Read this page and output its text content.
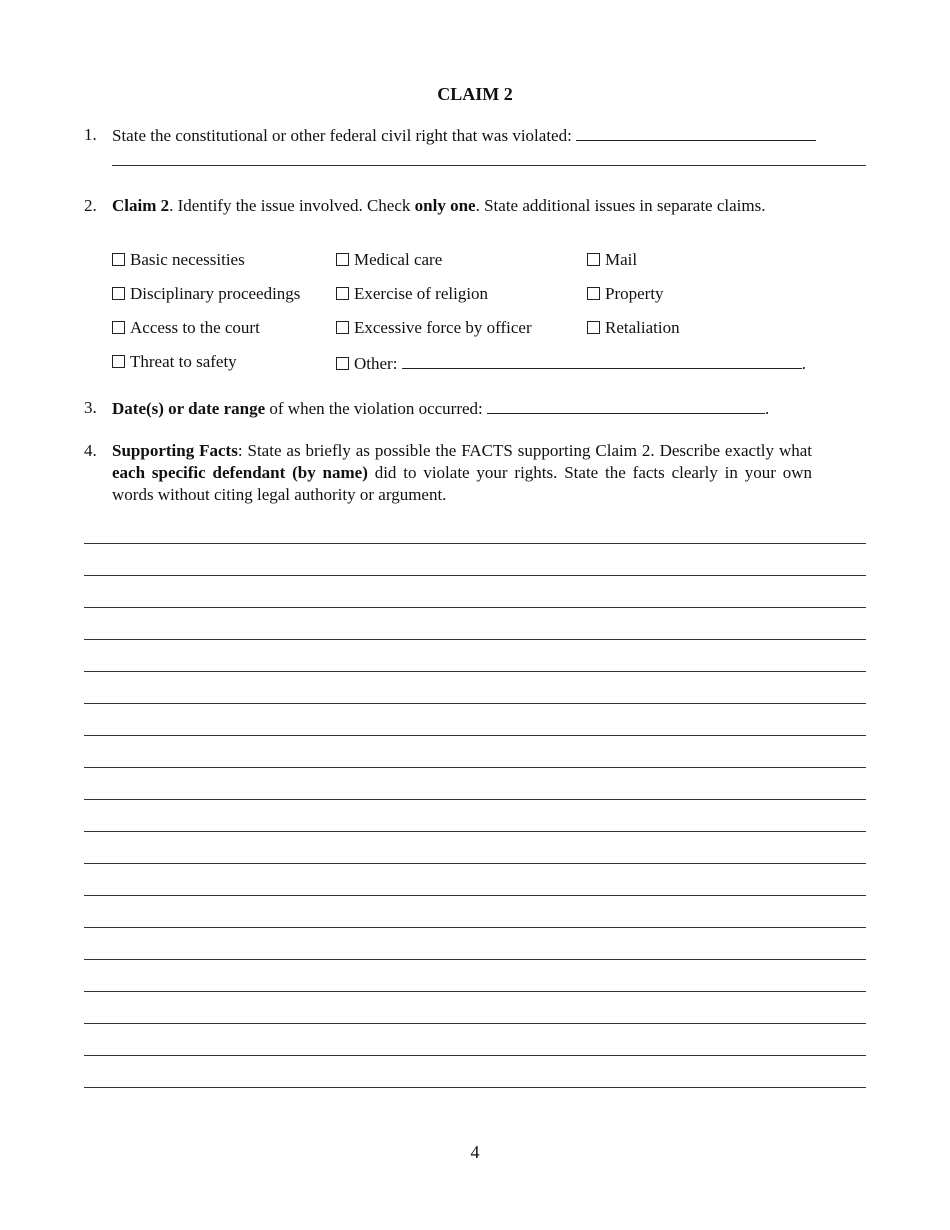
CLAIM 2
1. State the constitutional or other federal civil right that was violated:
2. Claim 2. Identify the issue involved. Check only one. State additional issues in separate claims.
Basic necessities	Medical care	Mail
Disciplinary proceedings	Exercise of religion	Property
Access to the court	Excessive force by officer	Retaliation
Threat to safety	Other:	.
3. Date(s) or date range of when the violation occurred:	.
4. Supporting Facts: State as briefly as possible the FACTS supporting Claim 2. Describe exactly what each specific defendant (by name) did to violate your rights. State the facts clearly in your own words without citing legal authority or argument.
4
